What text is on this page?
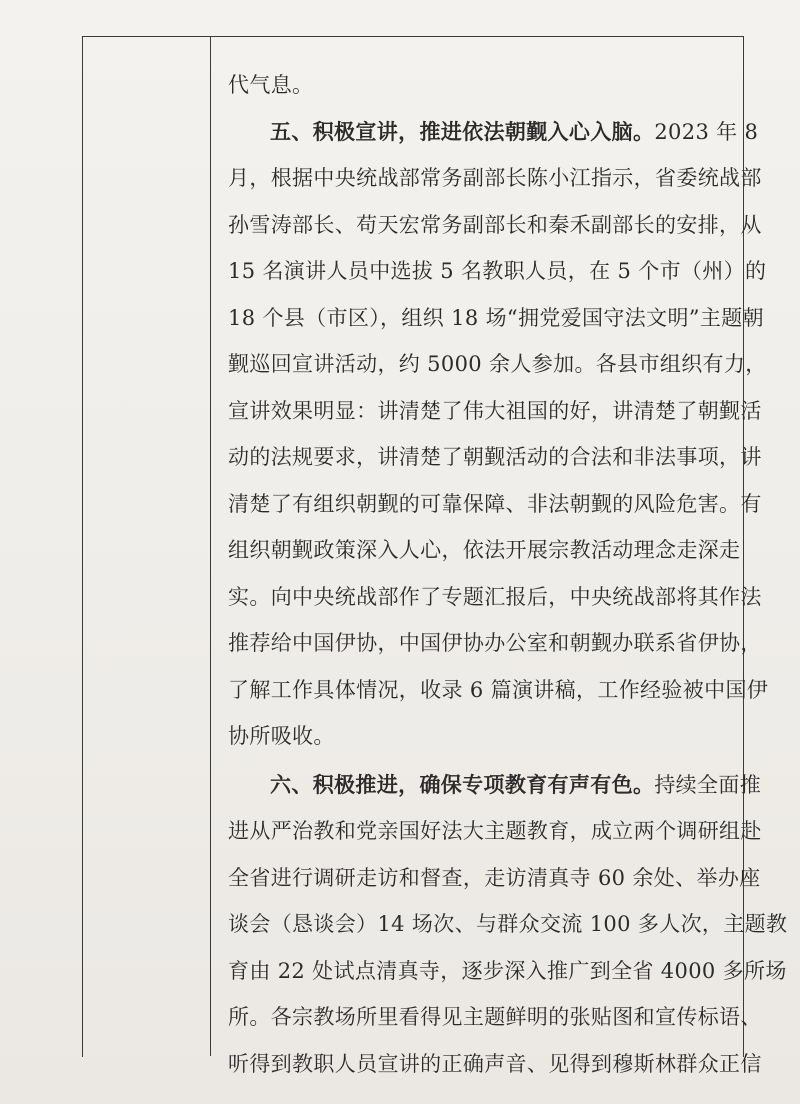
代气息。
五、积极宣讲，推进依法朝觐入心入脑。2023 年 8
月，根据中央统战部常务副部长陈小江指示，省委统战部
孙雪涛部长、苟天宏常务副部长和秦禾副部长的安排，从
15 名演讲人员中选拔 5 名教职人员，在 5 个市（州）的
18 个县（市区），组织 18 场“拥党爱国守法文明”主题朝
觐巡回宣讲活动，约 5000 余人参加。各县市组织有力，
宣讲效果明显：讲清楚了伟大祖国的好，讲清楚了朝觐活
动的法规要求，讲清楚了朝觐活动的合法和非法事项，讲
清楚了有组织朝觐的可靠保障、非法朝觐的风险危害。有
组织朝觐政策深入人心，依法开展宗教活动理念走深走
实。向中央统战部作了专题汇报后，中央统战部将其作法
推荐给中国伊协，中国伊协办公室和朝觐办联系省伊协，
了解工作具体情况，收录 6 篇演讲稿，工作经验被中国伊
协所吸收。
六、积极推进，确保专项教育有声有色。持续全面推
进从严治教和党亲国好法大主题教育，成立两个调研组赴
全省进行调研走访和督查，走访清真寺 60 余处、举办座
谈会（恳谈会）14 场次、与群众交流 100 多人次，主题教
育由 22 处试点清真寺，逐步深入推广到全省 4000 多所场
所。各宗教场所里看得见主题鲜明的张贴图和宣传标语、
听得到教职人员宣讲的正确声音、见得到穆斯林群众正信
